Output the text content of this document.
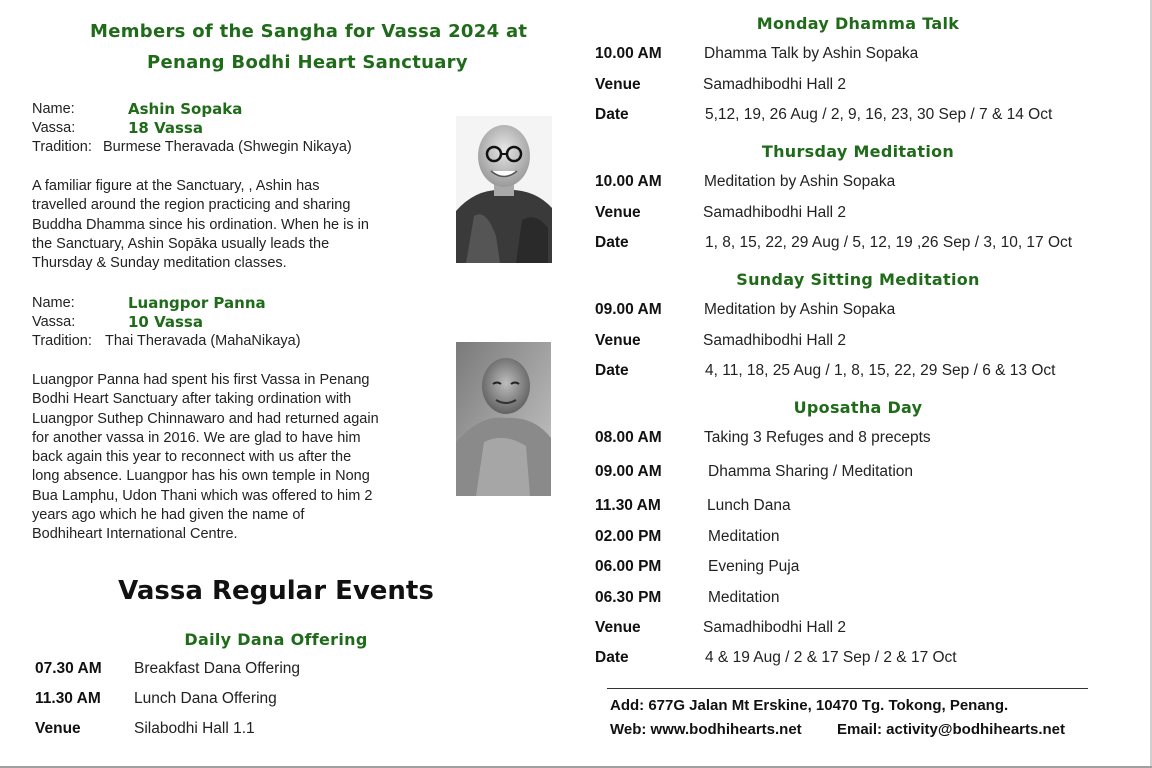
Members of the Sangha for Vassa 2024 at
Penang Bodhi Heart Sanctuary
Name:	Ashin Sopaka
Vassa:	18 Vassa
Tradition: Burmese Theravada (Shwegin Nikaya)
A familiar figure at the Sanctuary, , Ashin has
travelled around the region practicing and sharing
Buddha Dhamma since his ordination. When he is in
the Sanctuary, Ashin Sopāka usually leads the
Thursday & Sunday meditation classes.
Name:	Luangpor Panna
Vassa:	10 Vassa
Tradition: Thai Theravada (MahaNikaya)
Luangpor Panna had spent his first Vassa in Penang
Bodhi Heart Sanctuary after taking ordination with
Luangpor Suthep Chinnawaro and had returned again
for another vassa in 2016. We are glad to have him
back again this year to reconnect with us after the
long absence. Luangpor has his own temple in Nong
Bua Lamphu, Udon Thani which was offered to him 2
years ago which he had given the name of
Bodhiheart International Centre.
Vassa Regular Events
Daily Dana Offering
07.30 AM Breakfast Dana Offering
11.30 AM Lunch Dana Offering
Venue	Silabodhi Hall 1.1
Monday Dhamma Talk
10.00 AM	Dhamma Talk by Ashin Sopaka
Venue	Samadhibodhi Hall 2
Date	5,12, 19, 26 Aug / 2, 9, 16, 23, 30 Sep / 7 & 14 Oct
Thursday Meditation
10.00 AM	Meditation by Ashin Sopaka
Venue	Samadhibodhi Hall 2
Date	1, 8, 15, 22, 29 Aug / 5, 12, 19 ,26 Sep / 3, 10, 17 Oct
Sunday Sitting Meditation
09.00 AM	Meditation by Ashin Sopaka
Venue	Samadhibodhi Hall 2
Date	4, 11, 18, 25 Aug / 1, 8, 15, 22, 29 Sep / 6 & 13 Oct
Uposatha Day
08.00 AM	Taking 3 Refuges and 8 precepts
09.00 AM	Dhamma Sharing / Meditation
11.30 AM	Lunch Dana
02.00 PM	Meditation
06.00 PM	Evening Puja
06.30 PM	Meditation
Venue	Samadhibodhi Hall 2
Date	4 & 19 Aug / 2 & 17 Sep / 2 & 17 Oct
Add: 677G Jalan Mt Erskine, 10470 Tg. Tokong, Penang.
Web: www.bodhihearts.net Email: activity@bodhihearts.net
